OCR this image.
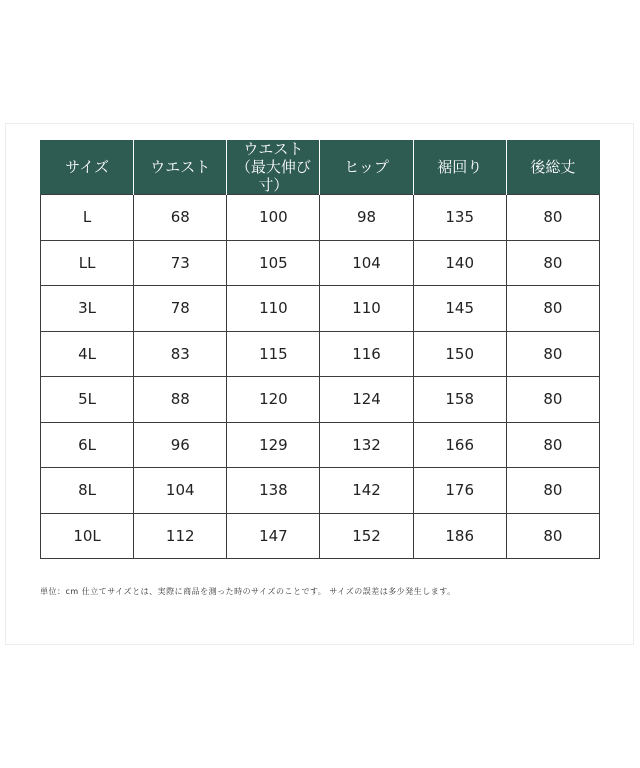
サイズ	ウエスト	ウエスト（最大伸び寸）	ヒップ	裾回り	後総丈
L	68	100	98	135	80
LL	73	105	104	140	80
3L	78	110	110	145	80
4L	83	115	116	150	80
5L	88	120	124	158	80
6L	96	129	132	166	80
8L	104	138	142	176	80
10L	112	147	152	186	80
単位：cm 仕立てサイズとは、実際に商品を測った時のサイズのことです。 サイズの誤差は多少発生します。
